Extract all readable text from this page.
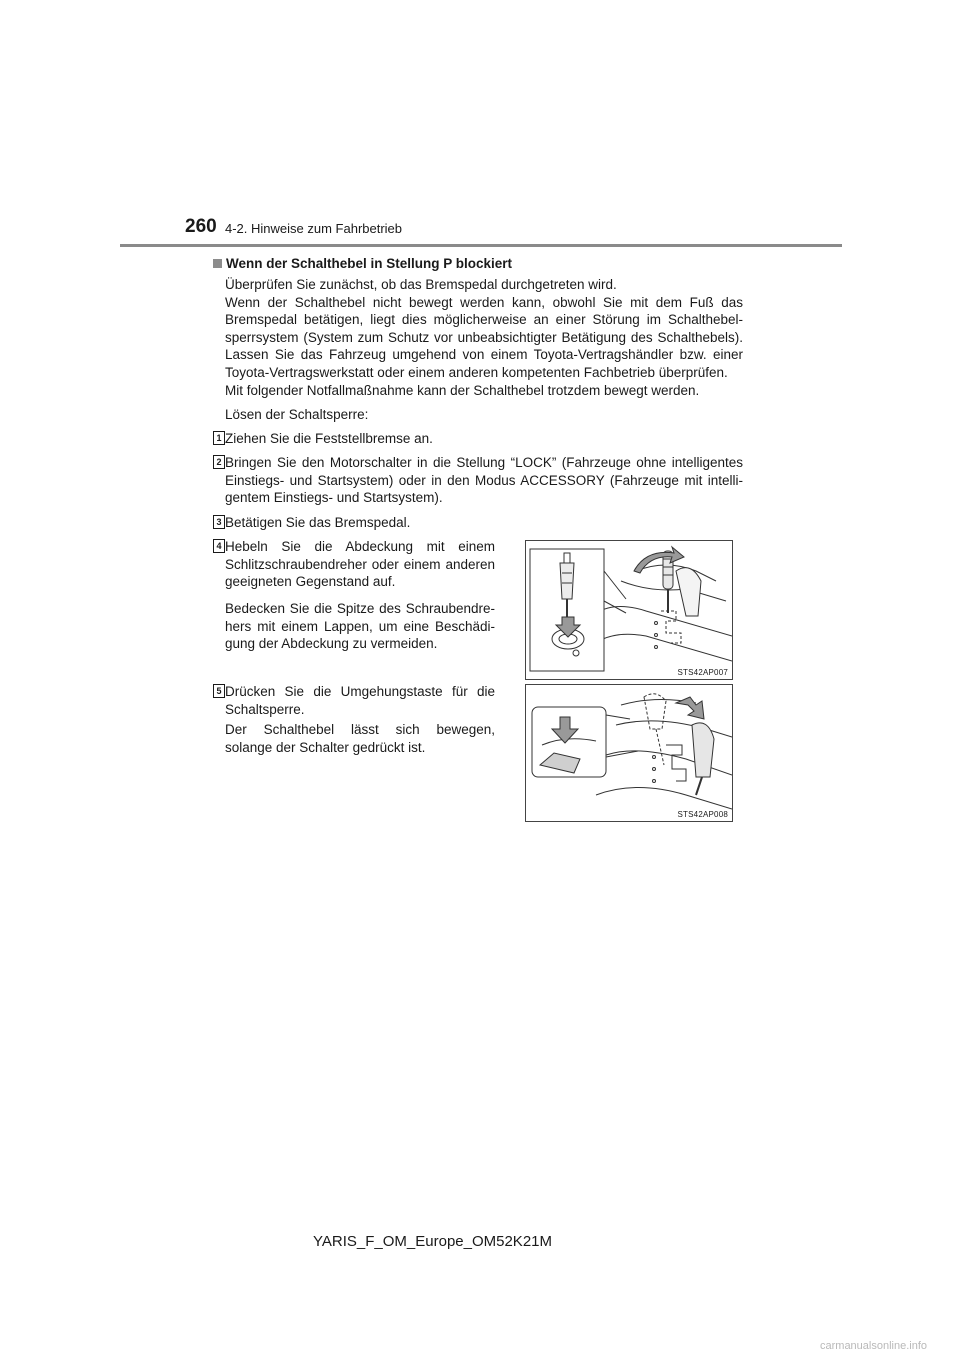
260 4-2. Hinweise zum Fahrbetrieb
Wenn der Schalthebel in Stellung P blockiert
Überprüfen Sie zunächst, ob das Bremspedal durchgetreten wird.
Wenn der Schalthebel nicht bewegt werden kann, obwohl Sie mit dem Fuß das
Bremspedal betätigen, liegt dies möglicherweise an einer Störung im Schalthebel-
sperrsystem (System zum Schutz vor unbeabsichtigter Betätigung des Schalthebels).
Lassen Sie das Fahrzeug umgehend von einem Toyota-Vertragshändler bzw. einer
Toyota-Vertragswerkstatt oder einem anderen kompetenten Fachbetrieb überprüfen.
Mit folgender Notfallmaßnahme kann der Schalthebel trotzdem bewegt werden.
Lösen der Schaltsperre:
1 Ziehen Sie die Feststellbremse an.
2 Bringen Sie den Motorschalter in die Stellung “LOCK” (Fahrzeuge ohne intelligentes
Einstiegs- und Startsystem) oder in den Modus ACCESSORY (Fahrzeuge mit intelli-
gentem Einstiegs- und Startsystem).
3 Betätigen Sie das Bremspedal.
4 Hebeln Sie die Abdeckung mit einem
Schlitzschraubendreher oder einem anderen
geeigneten Gegenstand auf.
Bedecken Sie die Spitze des Schraubendre-
hers mit einem Lappen, um eine Beschädi-
gung der Abdeckung zu vermeiden.
5 Drücken Sie die Umgehungstaste für die
Schaltsperre.
Der Schalthebel lässt sich bewegen,
solange der Schalter gedrückt ist.
STS42AP007
STS42AP008
YARIS_F_OM_Europe_OM52K21M
carmanualsonline.info
